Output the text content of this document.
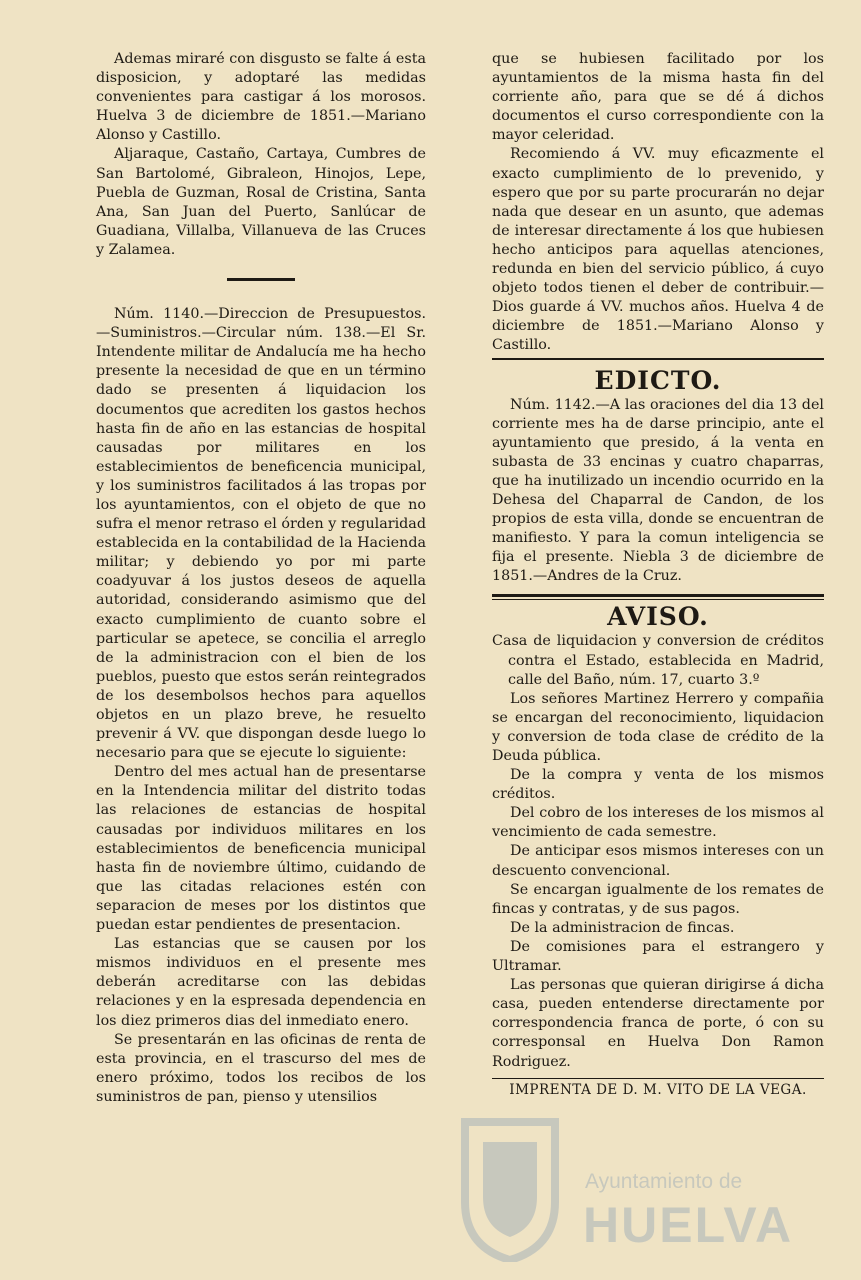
Ademas miraré con disgusto se falte á esta disposicion, y adoptaré las medidas convenientes para castigar á los morosos. Huelva 3 de diciembre de 1851.—Mariano Alonso y Castillo.

Aljaraque, Castaño, Cartaya, Cumbres de San Bartolomé, Gibraleon, Hinojos, Lepe, Puebla de Guzman, Rosal de Cristina, Santa Ana, San Juan del Puerto, Sanlúcar de Guadiana, Villalba, Villanueva de las Cruces y Zalamea.

Núm. 1140.—Direccion de Presupuestos.—Suministros.—Circular núm. 138.—El Sr. Intendente militar de Andalucía me ha hecho presente la necesidad de que en un término dado se presenten á liquidacion los documentos que acrediten los gastos hechos hasta fin de año en las estancias de hospital causadas por militares en los establecimientos de beneficencia municipal, y los suministros facilitados á las tropas por los ayuntamientos, con el objeto de que no sufra el menor retraso el órden y regularidad establecida en la contabilidad de la Hacienda militar; y debiendo yo por mi parte coadyuvar á los justos deseos de aquella autoridad, considerando asimismo que del exacto cumplimiento de cuanto sobre el particular se apetece, se concilia el arreglo de la administracion con el bien de los pueblos, puesto que estos serán reintegrados de los desembolsos hechos para aquellos objetos en un plazo breve, he resuelto prevenir á VV. que dispongan desde luego lo necesario para que se ejecute lo siguiente:

Dentro del mes actual han de presentarse en la Intendencia militar del distrito todas las relaciones de estancias de hospital causadas por individuos militares en los establecimientos de beneficencia municipal hasta fin de noviembre último, cuidando de que las citadas relaciones estén con separacion de meses por los distintos que puedan estar pendientes de presentacion.

Las estancias que se causen por los mismos individuos en el presente mes deberán acreditarse con las debidas relaciones y en la espresada dependencia en los diez primeros dias del inmediato enero.

Se presentarán en las oficinas de renta de esta provincia, en el trascurso del mes de enero próximo, todos los recibos de los suministros de pan, pienso y utensilios

que se hubiesen facilitado por los ayuntamientos de la misma hasta fin del corriente año, para que se dé á dichos documentos el curso correspondiente con la mayor celeridad.

Recomiendo á VV. muy eficazmente el exacto cumplimiento de lo prevenido, y espero que por su parte procurarán no dejar nada que desear en un asunto, que ademas de interesar directamente á los que hubiesen hecho anticipos para aquellas atenciones, redunda en bien del servicio público, á cuyo objeto todos tienen el deber de contribuir.—Dios guarde á VV. muchos años. Huelva 4 de diciembre de 1851.—Mariano Alonso y Castillo.

EDICTO.

Núm. 1142.—A las oraciones del dia 13 del corriente mes ha de darse principio, ante el ayuntamiento que presido, á la venta en subasta de 33 encinas y cuatro chaparras, que ha inutilizado un incendio ocurrido en la Dehesa del Chaparral de Candon, de los propios de esta villa, donde se encuentran de manifiesto. Y para la comun inteligencia se fija el presente. Niebla 3 de diciembre de 1851.—Andres de la Cruz.

AVISO.

Casa de liquidacion y conversion de créditos contra el Estado, establecida en Madrid, calle del Baño, núm. 17, cuarto 3.º

Los señores Martinez Herrero y compañia se encargan del reconocimiento, liquidacion y conversion de toda clase de crédito de la Deuda pública.

De la compra y venta de los mismos créditos.

Del cobro de los intereses de los mismos al vencimiento de cada semestre.

De anticipar esos mismos intereses con un descuento convencional.

Se encargan igualmente de los remates de fincas y contratas, y de sus pagos.

De la administracion de fincas.

De comisiones para el estrangero y Ultramar.

Las personas que quieran dirigirse á dicha casa, pueden entenderse directamente por correspondencia franca de porte, ó con su corresponsal en Huelva Don Ramon Rodriguez.

IMPRENTA DE D. M. VITO DE LA VEGA.
Ayuntamiento de
HUELVA
